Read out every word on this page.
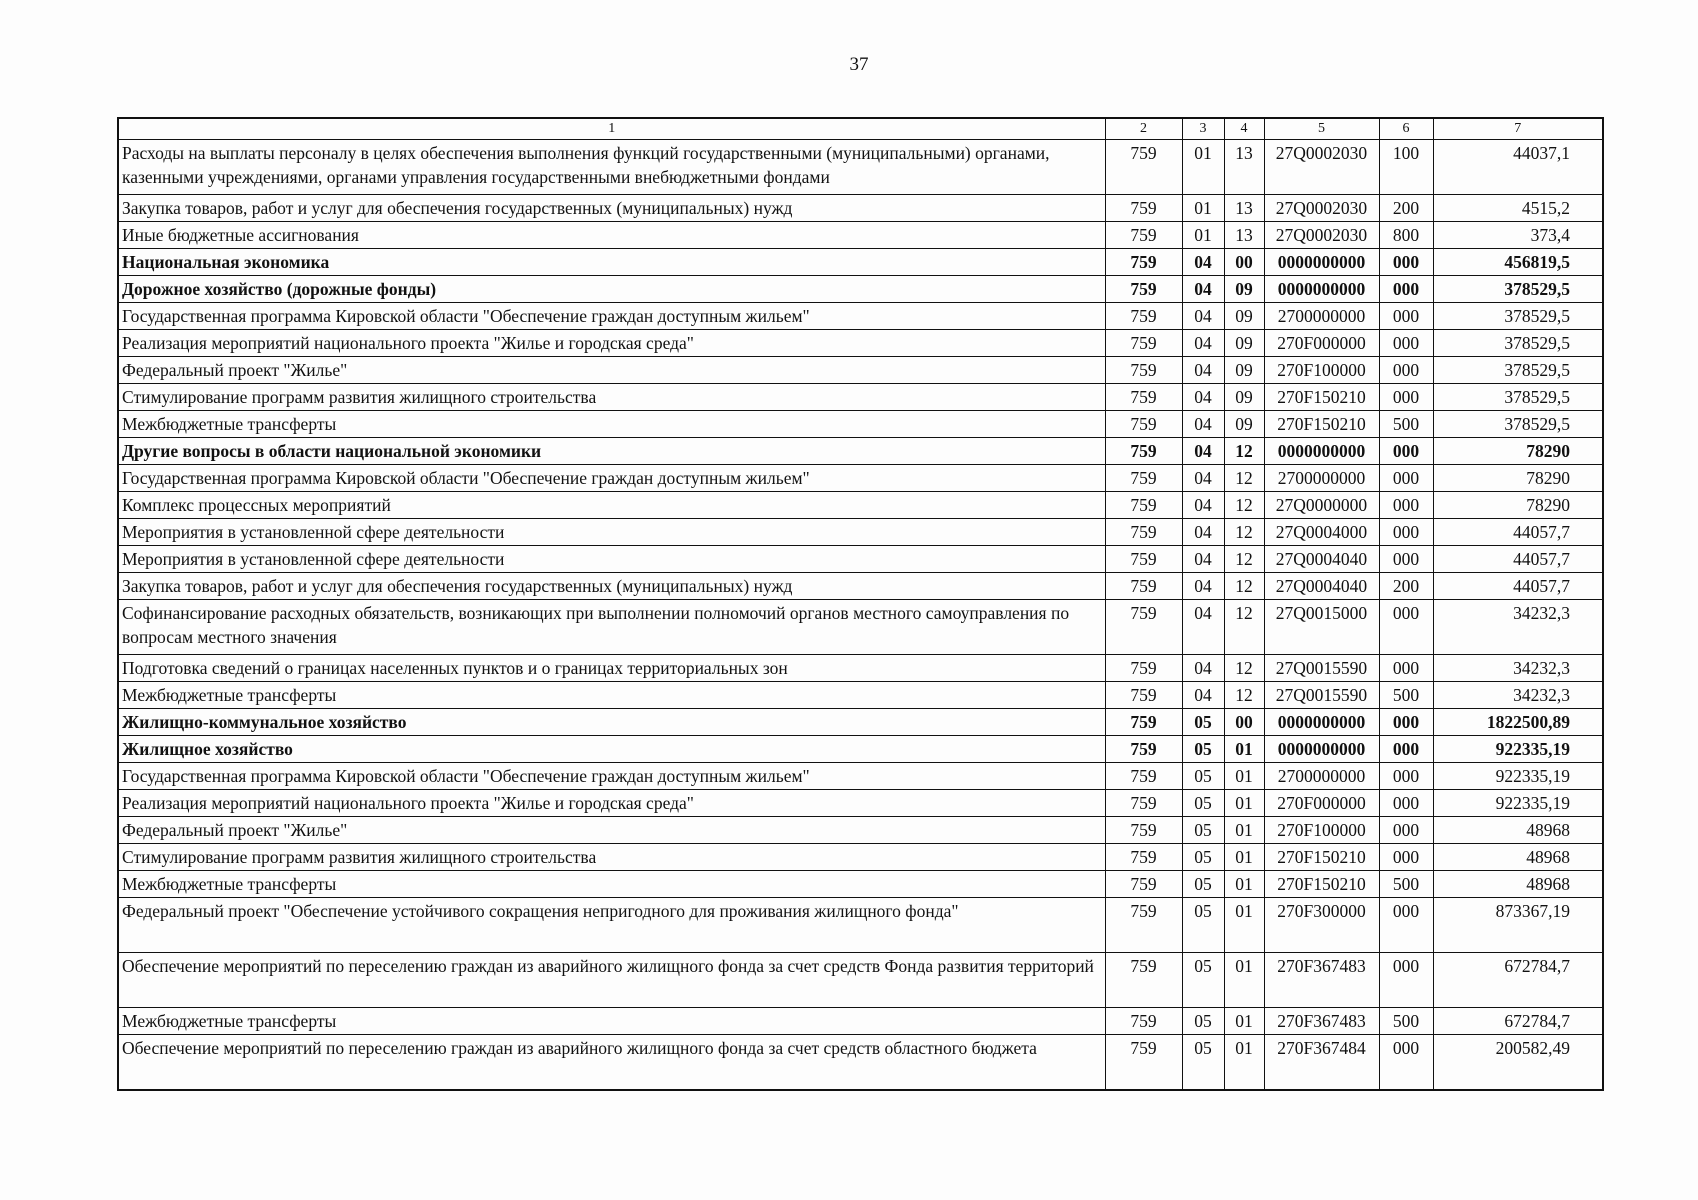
37
1	2	3	4	5	6	7
Расходы на выплаты персоналу в целях обеспечения выполнения функций государственными (муниципальными) органами, казенными учреждениями, органами управления государственными внебюджетными фондами	759	01	13	27Q0002030	100	44037,1
Закупка товаров, работ и услуг для обеспечения государственных (муниципальных) нужд	759	01	13	27Q0002030	200	4515,2
Иные бюджетные ассигнования	759	01	13	27Q0002030	800	373,4
Национальная экономика	759	04	00	0000000000	000	456819,5
Дорожное хозяйство (дорожные фонды)	759	04	09	0000000000	000	378529,5
Государственная программа Кировской области "Обеспечение граждан доступным жильем"	759	04	09	2700000000	000	378529,5
Реализация мероприятий национального проекта "Жилье и городская среда"	759	04	09	270F000000	000	378529,5
Федеральный проект "Жилье"	759	04	09	270F100000	000	378529,5
Стимулирование программ развития жилищного строительства	759	04	09	270F150210	000	378529,5
Межбюджетные трансферты	759	04	09	270F150210	500	378529,5
Другие вопросы в области национальной экономики	759	04	12	0000000000	000	78290
Государственная программа Кировской области "Обеспечение граждан доступным жильем"	759	04	12	2700000000	000	78290
Комплекс процессных мероприятий	759	04	12	27Q0000000	000	78290
Мероприятия в установленной сфере деятельности	759	04	12	27Q0004000	000	44057,7
Мероприятия в установленной сфере деятельности	759	04	12	27Q0004040	000	44057,7
Закупка товаров, работ и услуг для обеспечения государственных (муниципальных) нужд	759	04	12	27Q0004040	200	44057,7
Софинансирование расходных обязательств, возникающих при выполнении полномочий органов местного самоуправления по вопросам местного значения	759	04	12	27Q0015000	000	34232,3
Подготовка сведений о границах населенных пунктов и о границах территориальных зон	759	04	12	27Q0015590	000	34232,3
Межбюджетные трансферты	759	04	12	27Q0015590	500	34232,3
Жилищно-коммунальное хозяйство	759	05	00	0000000000	000	1822500,89
Жилищное хозяйство	759	05	01	0000000000	000	922335,19
Государственная программа Кировской области "Обеспечение граждан доступным жильем"	759	05	01	2700000000	000	922335,19
Реализация мероприятий национального проекта "Жилье и городская среда"	759	05	01	270F000000	000	922335,19
Федеральный проект "Жилье"	759	05	01	270F100000	000	48968
Стимулирование программ развития жилищного строительства	759	05	01	270F150210	000	48968
Межбюджетные трансферты	759	05	01	270F150210	500	48968
Федеральный проект "Обеспечение устойчивого сокращения непригодного для проживания жилищного фонда"	759	05	01	270F300000	000	873367,19
Обеспечение мероприятий по переселению граждан из аварийного жилищного фонда за счет средств Фонда развития территорий	759	05	01	270F367483	000	672784,7
Межбюджетные трансферты	759	05	01	270F367483	500	672784,7
Обеспечение мероприятий по переселению граждан из аварийного жилищного фонда за счет средств областного бюджета	759	05	01	270F367484	000	200582,49
